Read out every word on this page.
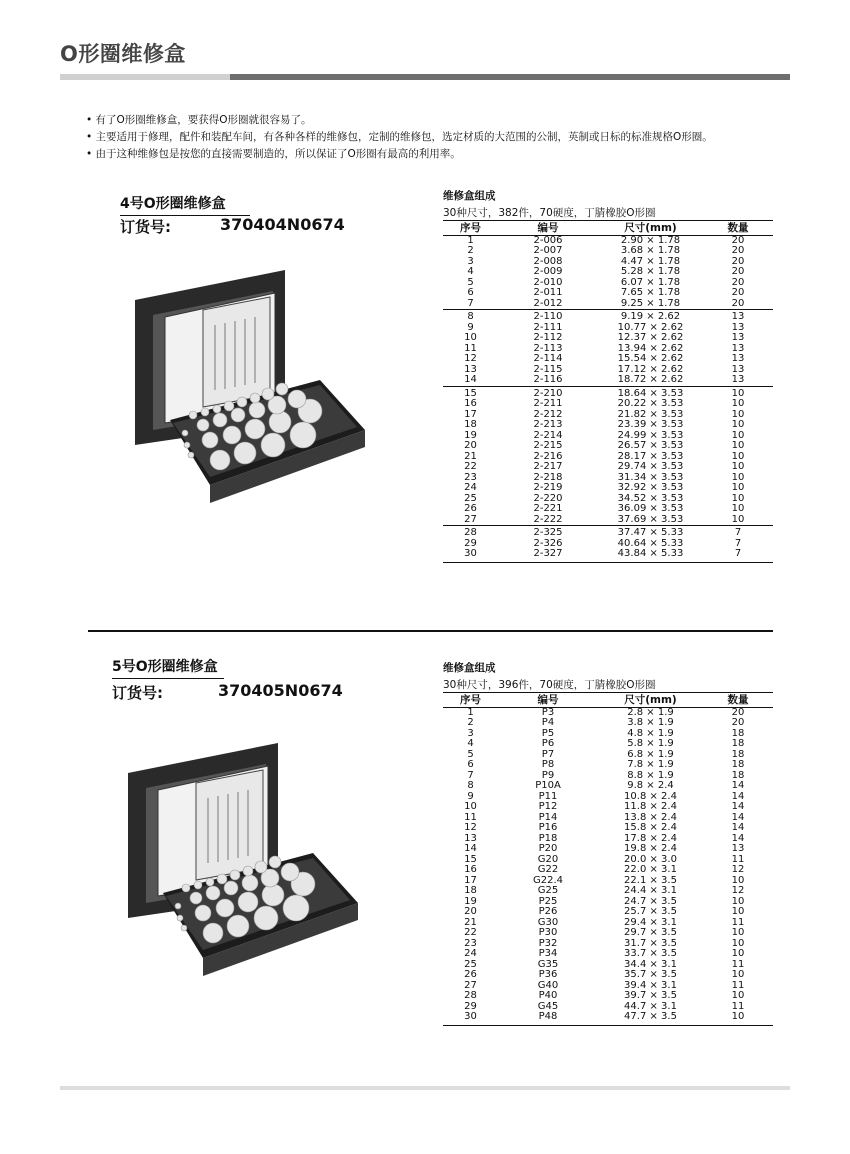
O形圈维修盒
• 有了O形圈维修盒，要获得O形圈就很容易了。
• 主要适用于修理，配件和装配车间，有各种各样的维修包，定制的维修包，选定材质的大范围的公制，英制或日标的标准规格O形圈。
• 由于这种维修包是按您的直接需要制造的，所以保证了O形圈有最高的利用率。
4号O形圈维修盒
订货号:	370404N0674
维修盒组成
30种尺寸，382件，70硬度，丁腈橡胶O形圈
序号	编号	尺寸(mm)	数量
1	2-006	2.90 × 1.78	20
2	2-007	3.68 × 1.78	20
3	2-008	4.47 × 1.78	20
4	2-009	5.28 × 1.78	20
5	2-010	6.07 × 1.78	20
6	2-011	7.65 × 1.78	20
7	2-012	9.25 × 1.78	20
8	2-110	9.19 × 2.62	13
9	2-111	10.77 × 2.62	13
10	2-112	12.37 × 2.62	13
11	2-113	13.94 × 2.62	13
12	2-114	15.54 × 2.62	13
13	2-115	17.12 × 2.62	13
14	2-116	18.72 × 2.62	13
15	2-210	18.64 × 3.53	10
16	2-211	20.22 × 3.53	10
17	2-212	21.82 × 3.53	10
18	2-213	23.39 × 3.53	10
19	2-214	24.99 × 3.53	10
20	2-215	26.57 × 3.53	10
21	2-216	28.17 × 3.53	10
22	2-217	29.74 × 3.53	10
23	2-218	31.34 × 3.53	10
24	2-219	32.92 × 3.53	10
25	2-220	34.52 × 3.53	10
26	2-221	36.09 × 3.53	10
27	2-222	37.69 × 3.53	10
28	2-325	37.47 × 5.33	7
29	2-326	40.64 × 5.33	7
30	2-327	43.84 × 5.33	7
5号O形圈维修盒
订货号:	370405N0674
维修盒组成
30种尺寸，396件，70硬度，丁腈橡胶O形圈
序号	编号	尺寸(mm)	数量
1	P3	2.8 × 1.9	20
2	P4	3.8 × 1.9	20
3	P5	4.8 × 1.9	18
4	P6	5.8 × 1.9	18
5	P7	6.8 × 1.9	18
6	P8	7.8 × 1.9	18
7	P9	8.8 × 1.9	18
8	P10A	9.8 × 2.4	14
9	P11	10.8 × 2.4	14
10	P12	11.8 × 2.4	14
11	P14	13.8 × 2.4	14
12	P16	15.8 × 2.4	14
13	P18	17.8 × 2.4	14
14	P20	19.8 × 2.4	13
15	G20	20.0 × 3.0	11
16	G22	22.0 × 3.1	12
17	G22.4	22.1 × 3.5	10
18	G25	24.4 × 3.1	12
19	P25	24.7 × 3.5	10
20	P26	25.7 × 3.5	10
21	G30	29.4 × 3.1	11
22	P30	29.7 × 3.5	10
23	P32	31.7 × 3.5	10
24	P34	33.7 × 3.5	10
25	G35	34.4 × 3.1	11
26	P36	35.7 × 3.5	10
27	G40	39.4 × 3.1	11
28	P40	39.7 × 3.5	10
29	G45	44.7 × 3.1	11
30	P48	47.7 × 3.5	10
